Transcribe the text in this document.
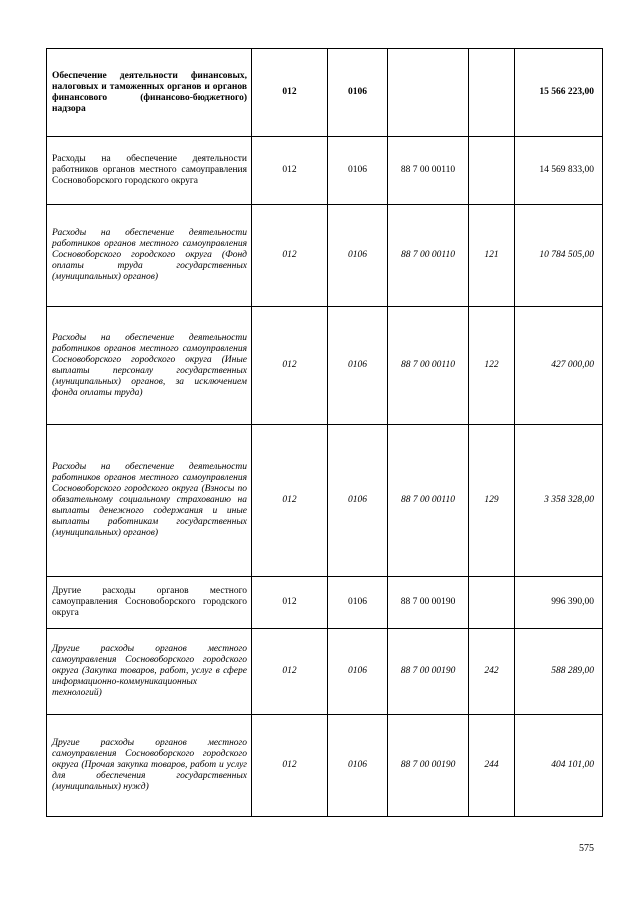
Обеспечение деятельности финансовых, налоговых и таможенных органов и органов финансового (финансово-бюджетного) надзора	012	0106			15 566 223,00
Расходы на обеспечение деятельности работников органов местного самоуправления Сосновоборского городского округа	012	0106	88 7 00 00110		14 569 833,00
Расходы на обеспечение деятельности работников органов местного самоуправления Сосновоборского городского округа (Фонд оплаты труда государственных (муниципальных) органов)	012	0106	88 7 00 00110	121	10 784 505,00
Расходы на обеспечение деятельности работников органов местного самоуправления Сосновоборского городского округа (Иные выплаты персоналу государственных (муниципальных) органов, за исключением фонда оплаты труда)	012	0106	88 7 00 00110	122	427 000,00
Расходы на обеспечение деятельности работников органов местного самоуправления Сосновоборского городского округа (Взносы по обязательному социальному страхованию на выплаты денежного содержания и иные выплаты работникам государственных (муниципальных) органов)	012	0106	88 7 00 00110	129	3 358 328,00
Другие расходы органов местного самоуправления Сосновоборского городского округа	012	0106	88 7 00 00190		996 390,00
Другие расходы органов местного самоуправления Сосновоборского городского округа (Закупка товаров, работ, услуг в сфере информационно-коммуникационных технологий)	012	0106	88 7 00 00190	242	588 289,00
Другие расходы органов местного самоуправления Сосновоборского городского округа (Прочая закупка товаров, работ и услуг для обеспечения государственных (муниципальных) нужд)	012	0106	88 7 00 00190	244	404 101,00
575
